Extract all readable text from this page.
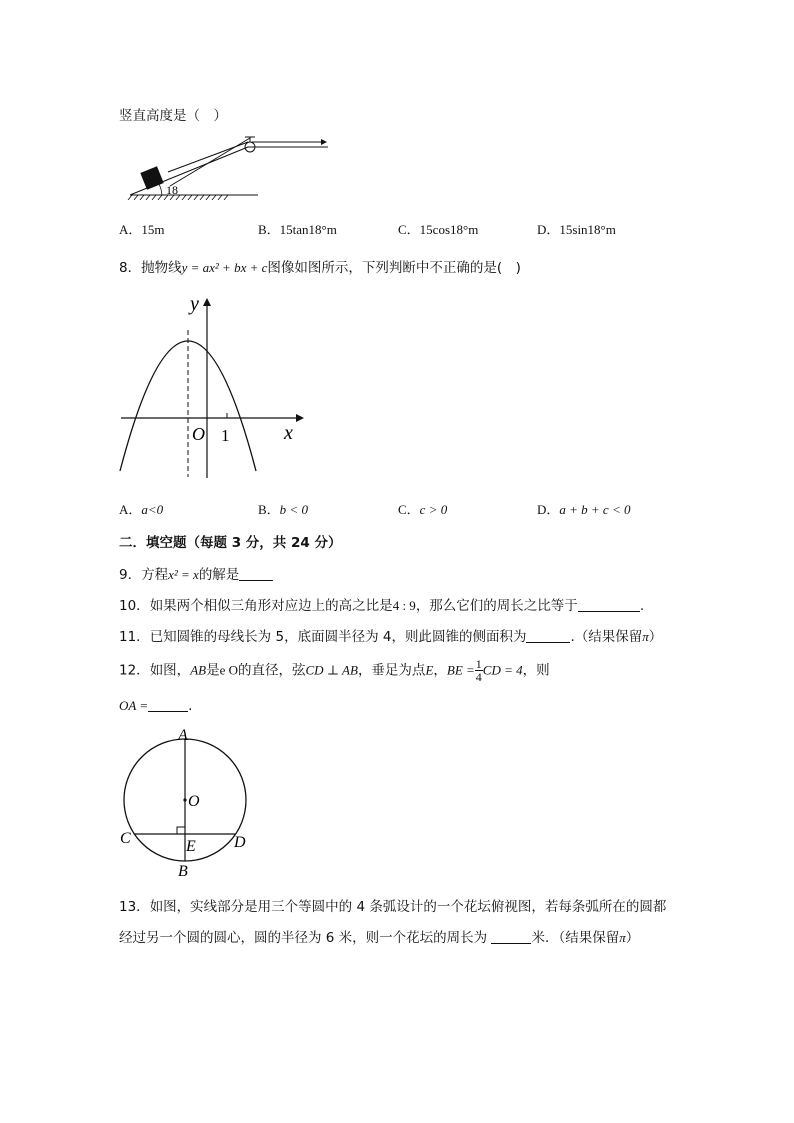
竖直高度是（　）
18
A．15m	B．15tan18°m	C．15cos18°m	D．15sin18°m
8．抛物线y = ax² + bx + c图像如图所示，下列判断中不正确的是(　)
y
x
O 1
A．a<0	B．b < 0	C．c > 0	D．a + b + c < 0
二．填空题（每题 3 分，共 24 分）
9．方程x² = x的解是
10．如果两个相似三角形对应边上的高之比是4 : 9，那么它们的周长之比等于	.
11．已知圆锥的母线长为 5，底面圆半径为 4，则此圆锥的侧面积为	.（结果保留π）
12．如图，AB是e O的直径，弦CD ⊥ AB，垂足为点E，BE = $\frac{1}{4}$ CD = 4，则
OA =	.
A
B
C	D
E
O
13．如图，实线部分是用三个等圆中的 4 条弧设计的一个花坛俯视图，若每条弧所在的圆都
经过另一个圆的圆心，圆的半径为 6 米，则一个花坛的周长为	米．（结果保留π）
